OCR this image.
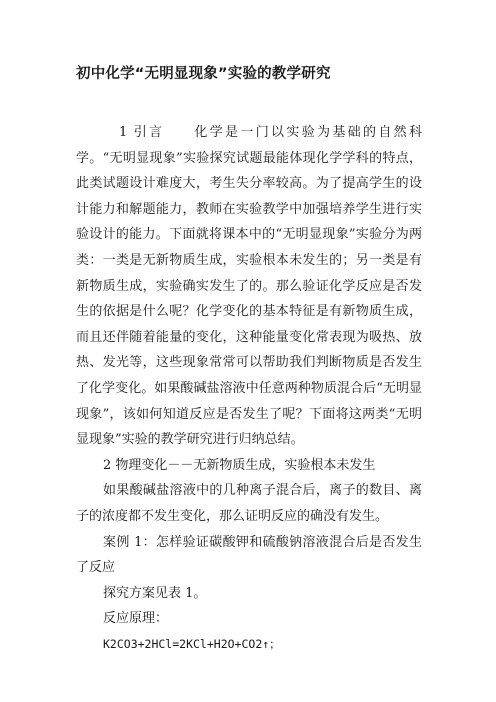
初中化学“无明显现象”实验的教学研究

1 引言 化学是一门以实验为基础的自然科学。“无明显现象”实验探究试题最能体现化学学科的特点，此类试题设计难度大，考生失分率较高。为了提高学生的设计能力和解题能力，教师在实验教学中加强培养学生进行实验设计的能力。下面就将课本中的“无明显现象”实验分为两类：一类是无新物质生成，实验根本未发生的；另一类是有新物质生成，实验确实发生了的。那么验证化学反应是否发生的依据是什么呢？化学变化的基本特征是有新物质生成，而且还伴随着能量的变化，这种能量变化常表现为吸热、放热、发光等，这些现象常常可以帮助我们判断物质是否发生了化学变化。如果酸碱盐溶液中任意两种物质混合后“无明显现象”，该如何知道反应是否发生了呢？下面将这两类“无明显现象”实验的教学研究进行归纳总结。

2 物理变化－－无新物质生成，实验根本未发生

如果酸碱盐溶液中的几种离子混合后，离子的数目、离子的浓度都不发生变化，那么证明反应的确没有发生。

案例 1：怎样验证碳酸钾和硫酸钠溶液混合后是否发生了反应

探究方案见表 1。

反应原理：

K2CO3+2HCl=2KCl+H2O+CO2↑；
